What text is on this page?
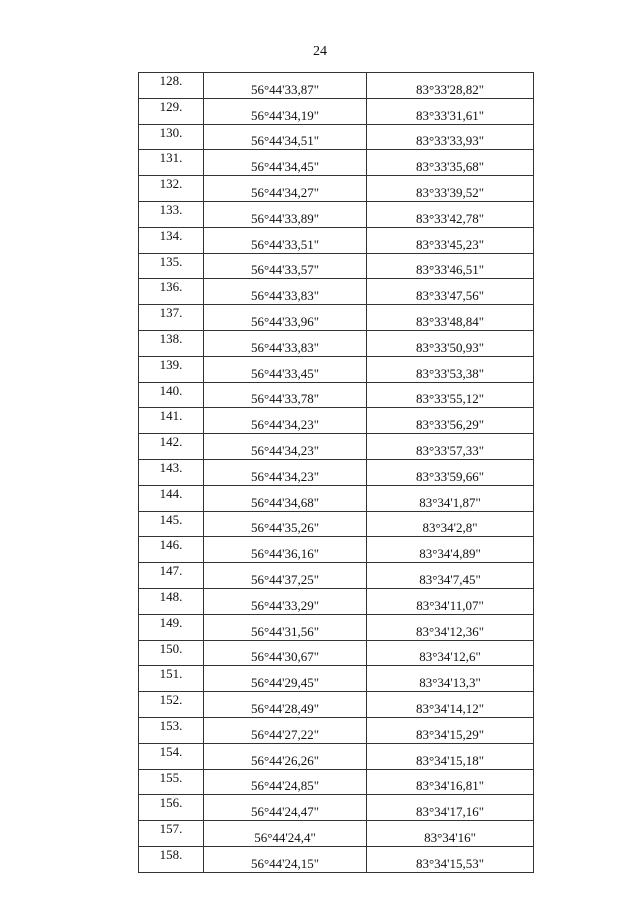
24
128.	56°44'33,87"	83°33'28,82"
129.	56°44'34,19"	83°33'31,61"
130.	56°44'34,51"	83°33'33,93"
131.	56°44'34,45"	83°33'35,68"
132.	56°44'34,27"	83°33'39,52"
133.	56°44'33,89"	83°33'42,78"
134.	56°44'33,51"	83°33'45,23"
135.	56°44'33,57"	83°33'46,51"
136.	56°44'33,83"	83°33'47,56"
137.	56°44'33,96"	83°33'48,84"
138.	56°44'33,83"	83°33'50,93"
139.	56°44'33,45"	83°33'53,38"
140.	56°44'33,78"	83°33'55,12"
141.	56°44'34,23"	83°33'56,29"
142.	56°44'34,23"	83°33'57,33"
143.	56°44'34,23"	83°33'59,66"
144.	56°44'34,68"	83°34'1,87"
145.	56°44'35,26"	83°34'2,8"
146.	56°44'36,16"	83°34'4,89"
147.	56°44'37,25"	83°34'7,45"
148.	56°44'33,29"	83°34'11,07"
149.	56°44'31,56"	83°34'12,36"
150.	56°44'30,67"	83°34'12,6"
151.	56°44'29,45"	83°34'13,3"
152.	56°44'28,49"	83°34'14,12"
153.	56°44'27,22"	83°34'15,29"
154.	56°44'26,26"	83°34'15,18"
155.	56°44'24,85"	83°34'16,81"
156.	56°44'24,47"	83°34'17,16"
157.	56°44'24,4"	83°34'16"
158.	56°44'24,15"	83°34'15,53"
